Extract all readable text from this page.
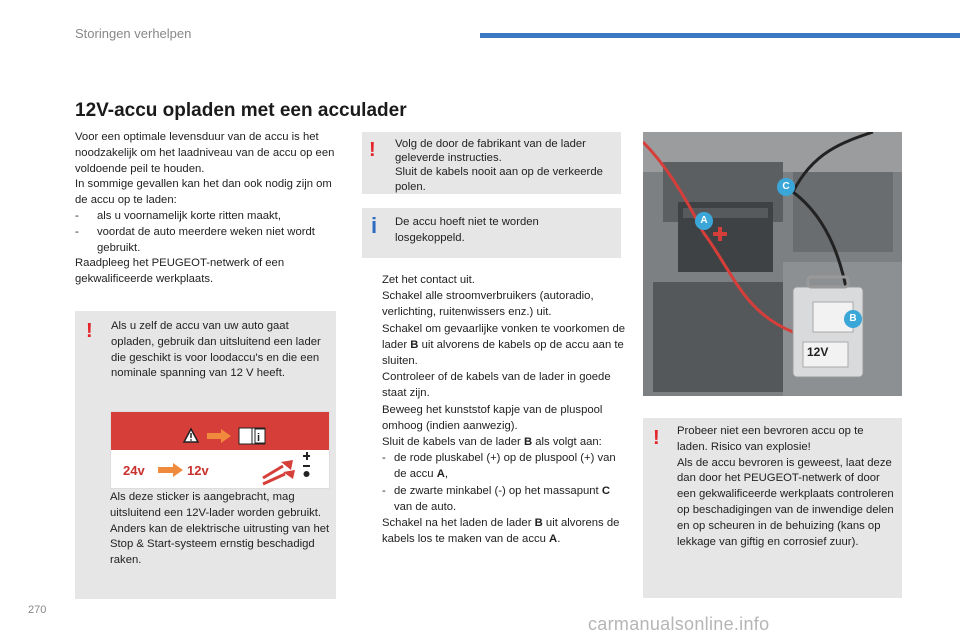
Storingen verhelpen
12V-accu opladen met een acculader

Voor een optimale levensduur van de accu is het noodzakelijk om het laadniveau van de accu op een voldoende peil te houden.

In sommige gevallen kan het dan ook nodig zijn om de accu op te laden:

-	als u voornamelijk korte ritten maakt,
-	voordat de auto meerdere weken niet wordt gebruikt.

Raadpleeg het PEUGEOT-netwerk of een gekwalificeerde werkplaats.

! Als u zelf de accu van uw auto gaat opladen, gebruik dan uitsluitend een lader die geschikt is voor loodaccu's en die een nominale spanning van 12 V heeft.
i
24v	12v
Als deze sticker is aangebracht, mag uitsluitend een 12V-lader worden gebruikt. Anders kan de elektrische uitrusting van het Stop & Start-systeem ernstig beschadigd raken.
! Volg de door de fabrikant van de lader geleverde instructies.
Sluit de kabels nooit aan op de verkeerde polen.
i De accu hoeft niet te worden losgekoppeld.
Zet het contact uit.
Schakel alle stroomverbruikers (autoradio, verlichting, ruitenwissers enz.) uit.
Schakel om gevaarlijke vonken te voorkomen de lader B uit alvorens de kabels op de accu aan te sluiten.
Controleer of de kabels van de lader in goede staat zijn.
Beweeg het kunststof kapje van de pluspool omhoog (indien aanwezig).
Sluit de kabels van de lader B als volgt aan:
- de rode pluskabel (+) op de pluspool (+) van de accu A,
- de zwarte minkabel (-) op het massapunt C van de auto.
Schakel na het laden de lader B uit alvorens de kabels los te maken van de accu A.
12V
A
C
B
! Probeer niet een bevroren accu op te laden. Risico van explosie!
Als de accu bevroren is geweest, laat deze dan door het PEUGEOT-netwerk of door een gekwalificeerde werkplaats controleren op beschadigingen van de inwendige delen en op scheuren in de behuizing (kans op lekkage van giftig en corrosief zuur).
270
carmanualsonline.info
